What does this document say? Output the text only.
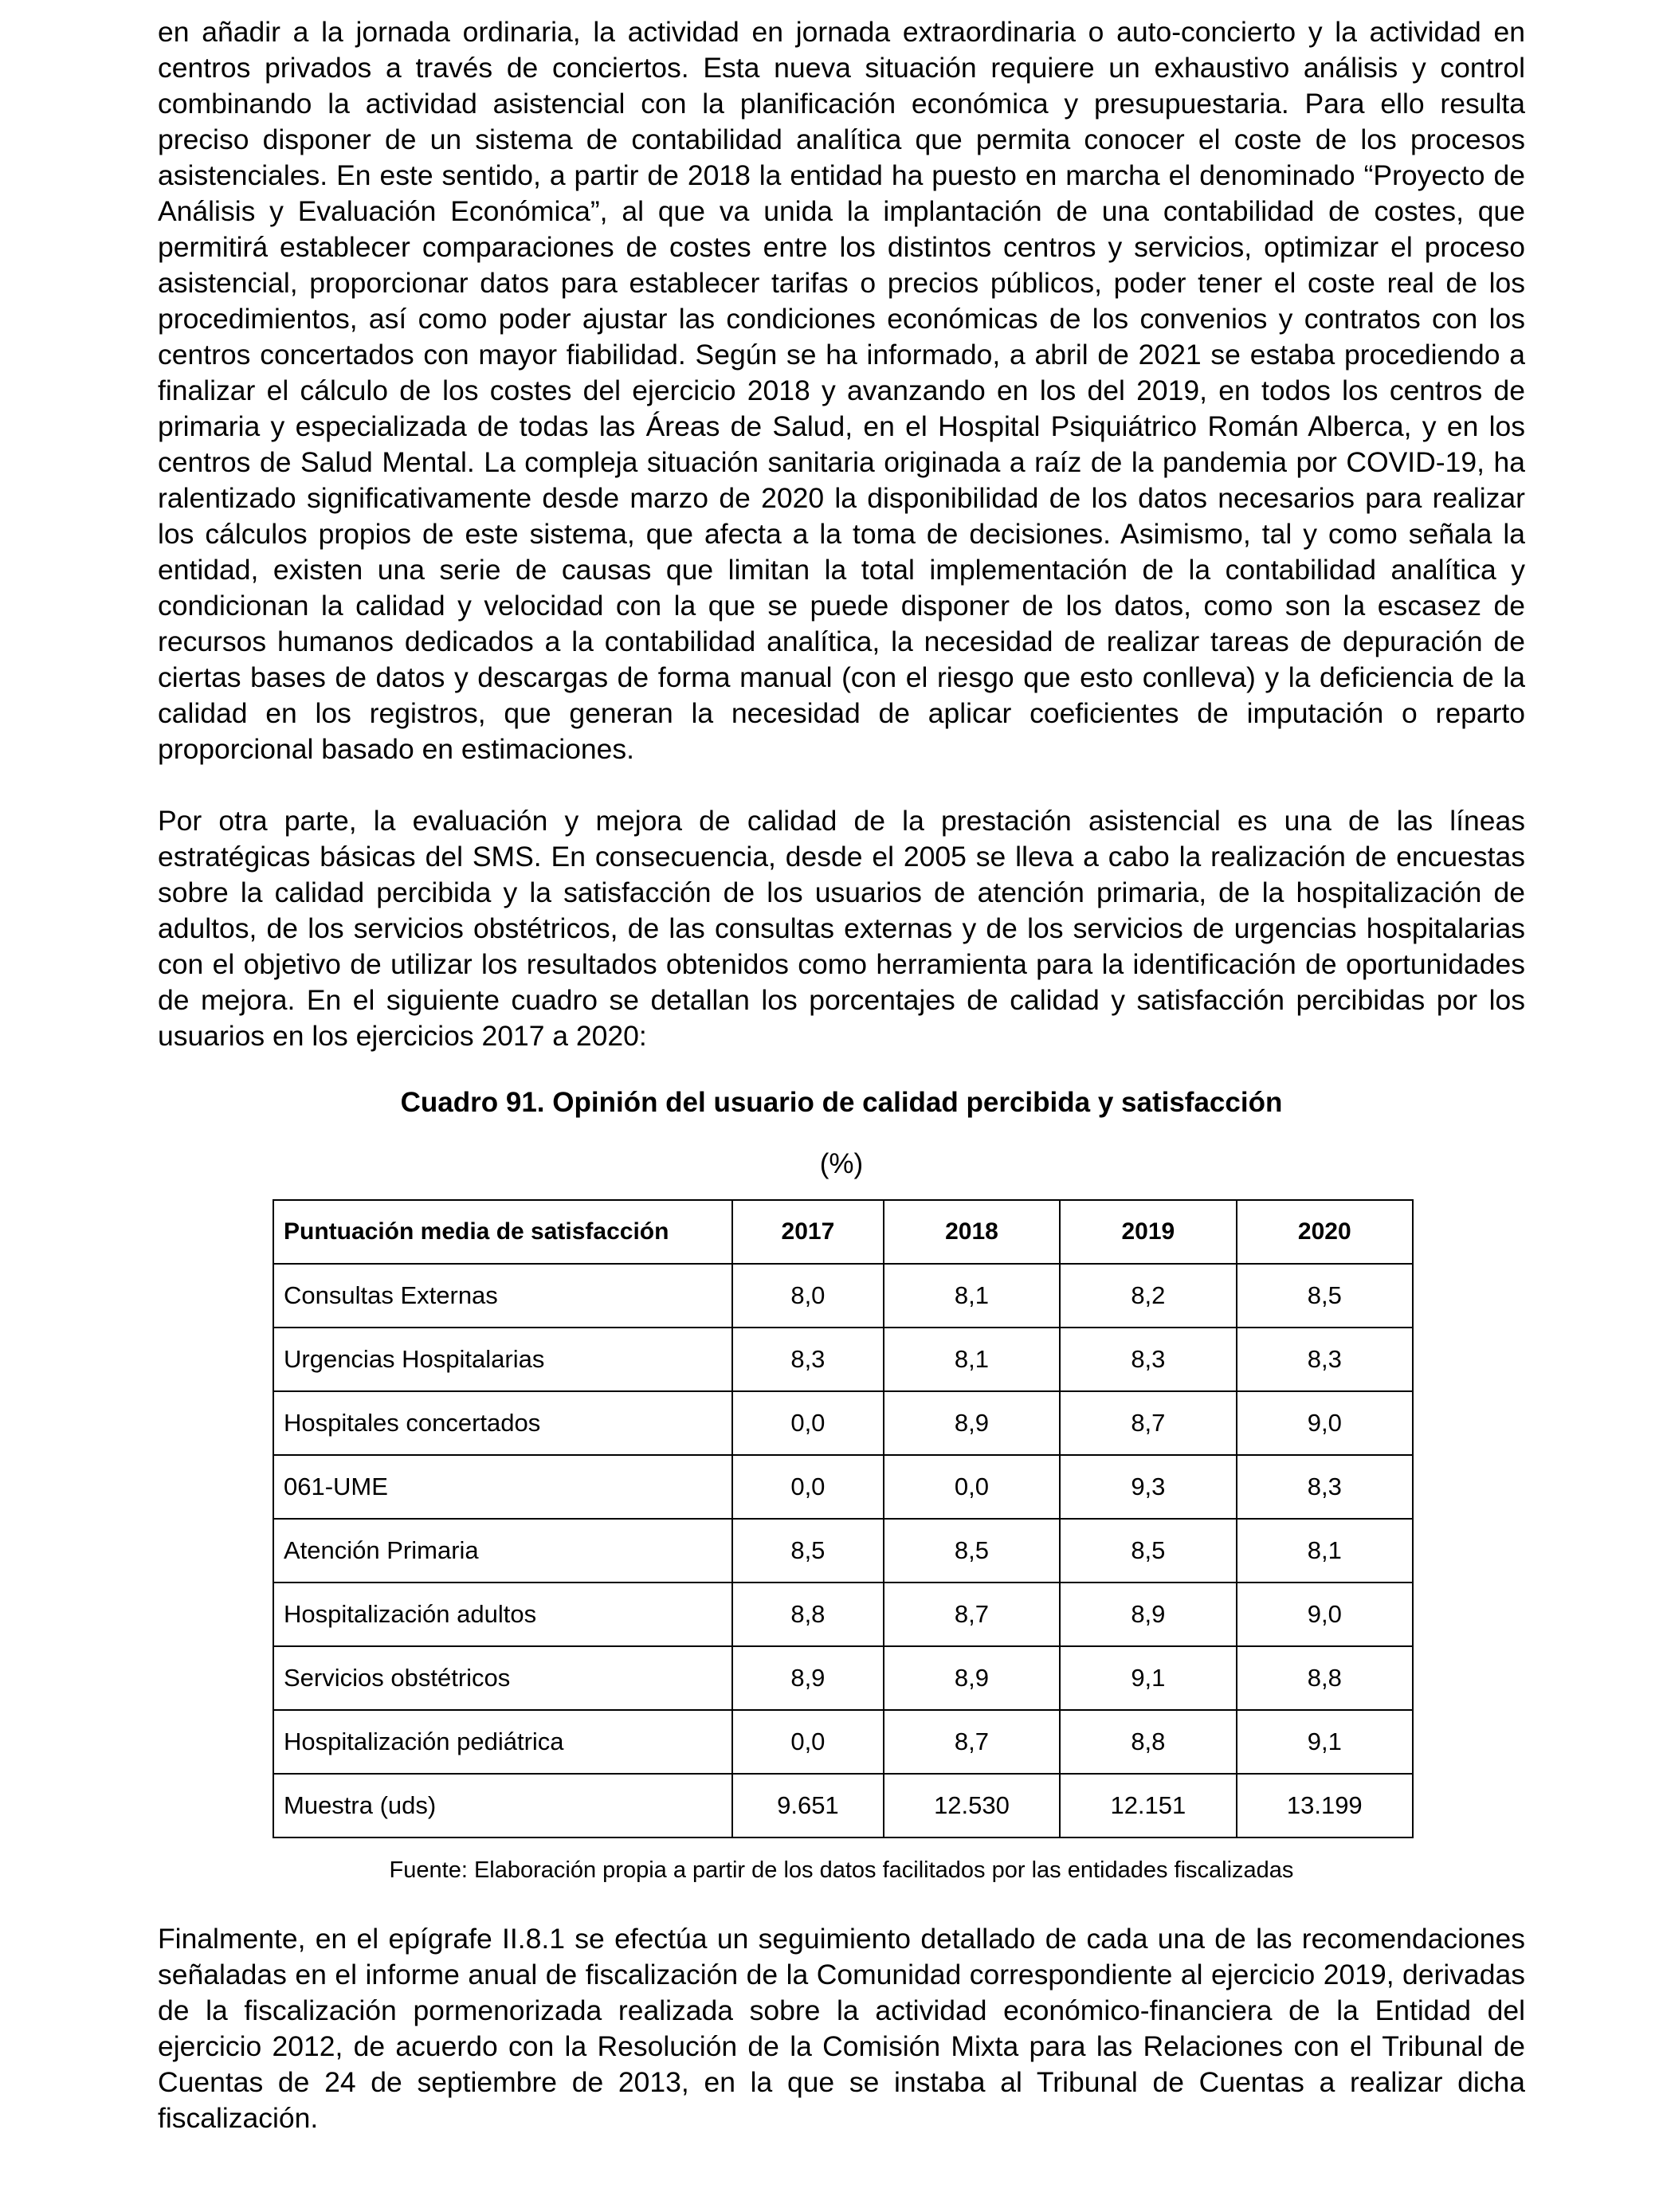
en añadir a la jornada ordinaria, la actividad en jornada extraordinaria o auto-concierto y la actividad en centros privados a través de conciertos. Esta nueva situación requiere un exhaustivo análisis y control combinando la actividad asistencial con la planificación económica y presupuestaria. Para ello resulta preciso disponer de un sistema de contabilidad analítica que permita conocer el coste de los procesos asistenciales. En este sentido, a partir de 2018 la entidad ha puesto en marcha el denominado “Proyecto de Análisis y Evaluación Económica”, al que va unida la implantación de una contabilidad de costes, que permitirá establecer comparaciones de costes entre los distintos centros y servicios, optimizar el proceso asistencial, proporcionar datos para establecer tarifas o precios públicos, poder tener el coste real de los procedimientos, así como poder ajustar las condiciones económicas de los convenios y contratos con los centros concertados con mayor fiabilidad. Según se ha informado, a abril de 2021 se estaba procediendo a finalizar el cálculo de los costes del ejercicio 2018 y avanzando en los del 2019, en todos los centros de primaria y especializada de todas las Áreas de Salud, en el Hospital Psiquiátrico Román Alberca, y en los centros de Salud Mental. La compleja situación sanitaria originada a raíz de la pandemia por COVID-19, ha ralentizado significativamente desde marzo de 2020 la disponibilidad de los datos necesarios para realizar los cálculos propios de este sistema, que afecta a la toma de decisiones. Asimismo, tal y como señala la entidad, existen una serie de causas que limitan la total implementación de la contabilidad analítica y condicionan la calidad y velocidad con la que se puede disponer de los datos, como son la escasez de recursos humanos dedicados a la contabilidad analítica, la necesidad de realizar tareas de depuración de ciertas bases de datos y descargas de forma manual (con el riesgo que esto conlleva) y la deficiencia de la calidad en los registros, que generan la necesidad de aplicar coeficientes de imputación o reparto proporcional basado en estimaciones.

Por otra parte, la evaluación y mejora de calidad de la prestación asistencial es una de las líneas estratégicas básicas del SMS. En consecuencia, desde el 2005 se lleva a cabo la realización de encuestas sobre la calidad percibida y la satisfacción de los usuarios de atención primaria, de la hospitalización de adultos, de los servicios obstétricos, de las consultas externas y de los servicios de urgencias hospitalarias con el objetivo de utilizar los resultados obtenidos como herramienta para la identificación de oportunidades de mejora. En el siguiente cuadro se detallan los porcentajes de calidad y satisfacción percibidas por los usuarios en los ejercicios 2017 a 2020:

Cuadro 91. Opinión del usuario de calidad percibida y satisfacción

(%)

Puntuación media de satisfacción	2017	2018	2019	2020
Consultas Externas	8,0	8,1	8,2	8,5
Urgencias Hospitalarias	8,3	8,1	8,3	8,3
Hospitales concertados	0,0	8,9	8,7	9,0
061-UME	0,0	0,0	9,3	8,3
Atención Primaria	8,5	8,5	8,5	8,1
Hospitalización adultos	8,8	8,7	8,9	9,0
Servicios obstétricos	8,9	8,9	9,1	8,8
Hospitalización pediátrica	0,0	8,7	8,8	9,1
Muestra (uds)	9.651	12.530	12.151	13.199

Fuente: Elaboración propia a partir de los datos facilitados por las entidades fiscalizadas

Finalmente, en el epígrafe II.8.1 se efectúa un seguimiento detallado de cada una de las recomendaciones señaladas en el informe anual de fiscalización de la Comunidad correspondiente al ejercicio 2019, derivadas de la fiscalización pormenorizada realizada sobre la actividad económico-financiera de la Entidad del ejercicio 2012, de acuerdo con la Resolución de la Comisión Mixta para las Relaciones con el Tribunal de Cuentas de 24 de septiembre de 2013, en la que se instaba al Tribunal de Cuentas a realizar dicha fiscalización.
